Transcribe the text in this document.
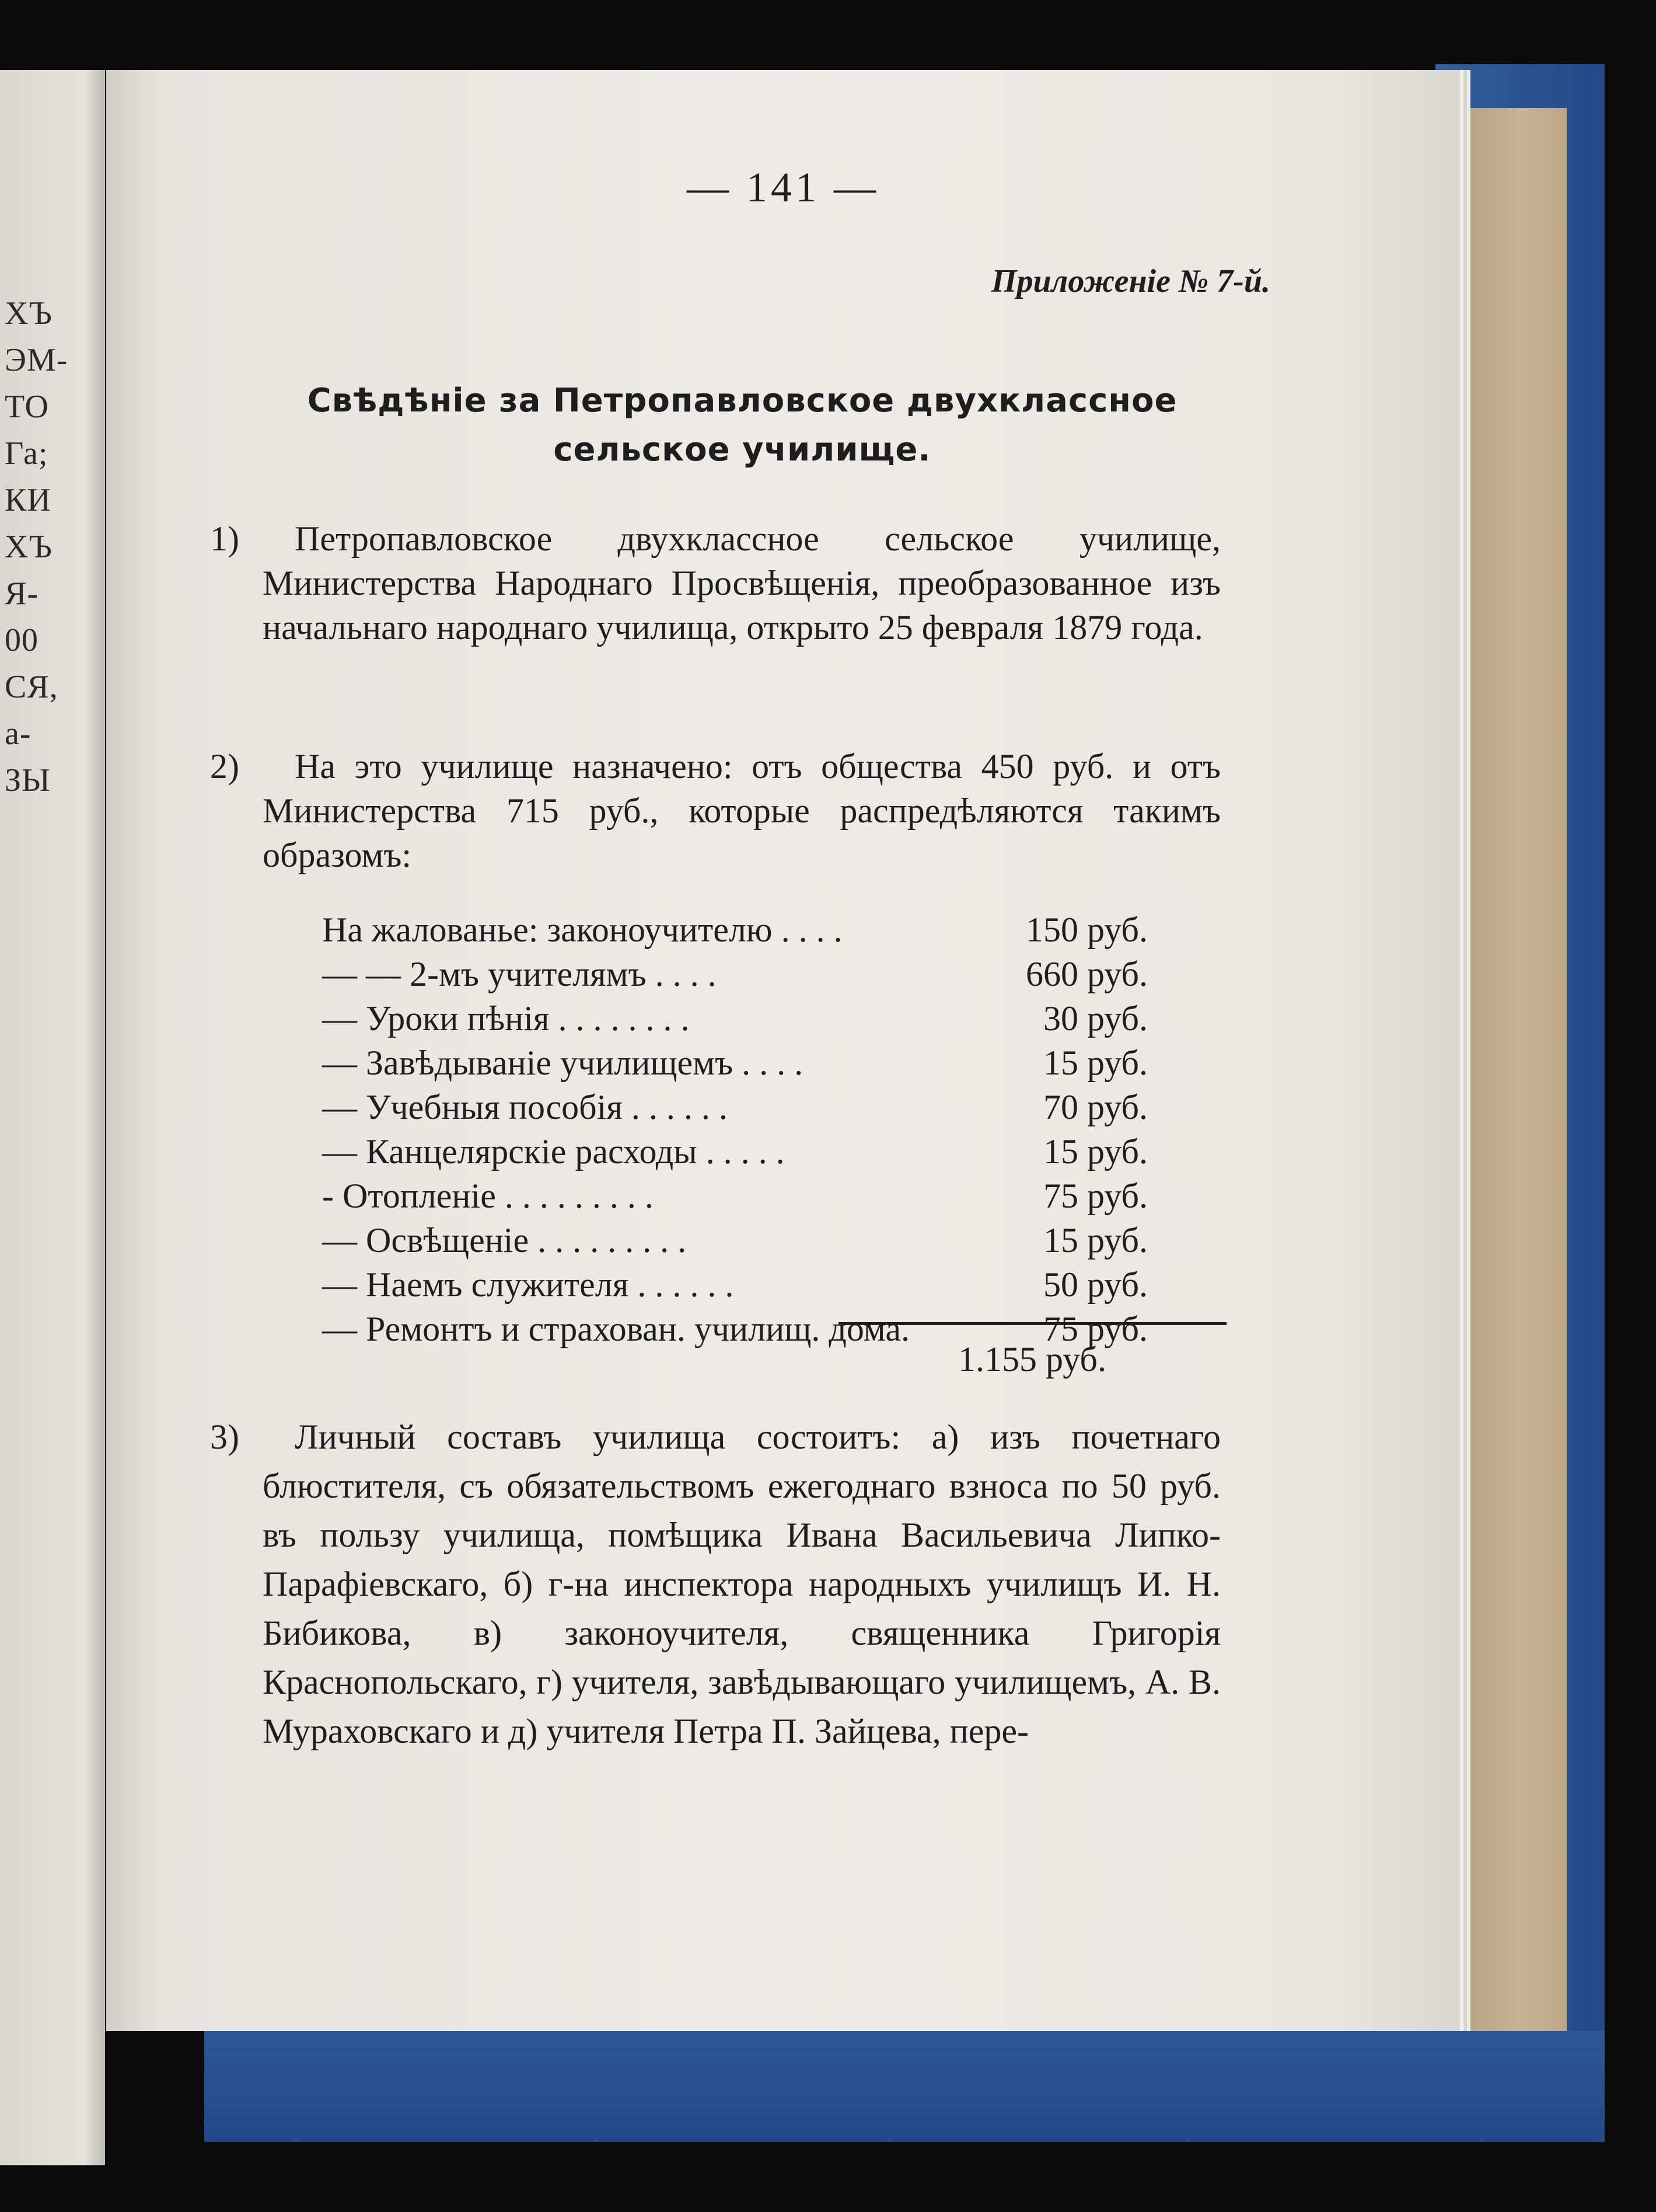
ХЪ
ЭМ-
ТО
Га;
КИ
ХЪ
Я-
00
СЯ,
а-
ЗЫ
— 141 —
Приложеніе № 7-й.
Свѣдѣніе за Петропавловское двухклассное сельское училище.
1)	Петропавловское двухклассное сельское училище, Министерства Народнаго Просвѣщенія, преобразованное изъ начальнаго народнаго училища, открыто 25 февраля 1879 года.
2)	На это училище назначено: отъ общества 450 руб. и отъ Министерства 715 руб., которые распредѣляются такимъ образомъ:
На жалованье: законоучителю . . . .	150 руб.
— — 2-мъ учителямъ . . . .	660 руб.
— Уроки пѣнія . . . . . . . .	30 руб.
— Завѣдываніе училищемъ . . . .	15 руб.
— Учебныя пособія . . . . . .	70 руб.
— Канцелярскіе расходы . . . . .	15 руб.
- Отопленіе . . . . . . . . .	75 руб.
— Освѣщеніе . . . . . . . . .	15 руб.
— Наемъ служителя . . . . . .	50 руб.
— Ремонтъ и страхован. училищ. дома.	75 руб.
1.155 руб.
3)	Личный составъ училища состоитъ: а) изъ почетнаго блюстителя, съ обязательствомъ ежегоднаго взноса по 50 руб. въ пользу училища, помѣщика Ивана Васильевича Липко-Парафіевскаго, б) г-на инспектора народныхъ училищъ И. Н. Бибикова, в) законоучителя, священника Григорія Краснопольскаго, г) учителя, завѣдывающаго училищемъ, А. В. Мураховскаго и д) учителя Петра П. Зайцева, пере-
